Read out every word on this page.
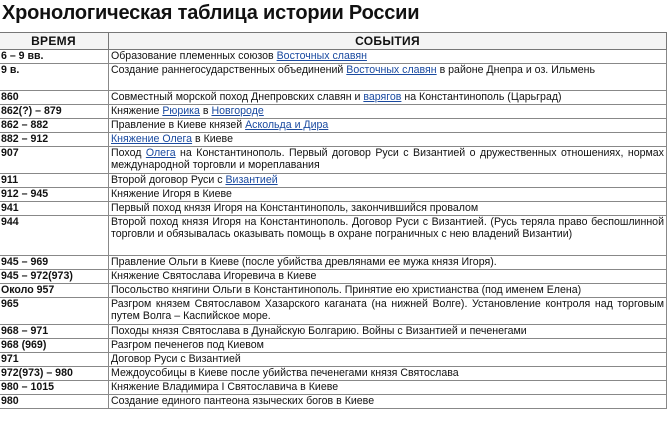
Хронологическая таблица истории России
ВРЕМЯ	СОБЫТИЯ
6 – 9 вв.	Образование племенных союзов Восточных славян
9 в.	Создание раннегосударственных объединений Восточных славян в районе Днепра и оз. Ильмень
860	Совместный морской поход Днепровских славян и варягов на Константинополь (Царьград)
862(?) – 879	Княжение Рюрика в Новгороде
862 – 882	Правление в Киеве князей Аскольда и Дира
882 – 912	Княжение Олега в Киеве
907	Поход Олега на Константинополь. Первый договор Руси с Византией о дружественных отношениях, нормах международной торговли и мореплавания
911	Второй договор Руси с Византией
912 – 945	Княжение Игоря в Киеве
941	Первый поход князя Игоря на Константинополь, закончившийся провалом
944	Второй поход князя Игоря на Константинополь. Договор Руси с Византией. (Русь теряла право беспошлинной торговли и обязывалась оказывать помощь в охране пограничных с нею владений Византии)
945 – 969	Правление Ольги в Киеве (после убийства древлянами ее мужа князя Игоря).
945 – 972(973)	Княжение Святослава Игоревича в Киеве
Около 957	Посольство княгини Ольги в Константинополь. Принятие ею христианства (под именем Елена)
965	Разгром князем Святославом Хазарского каганата (на нижней Волге). Установление контроля над торговым путем Волга – Каспийское море.
968 – 971	Походы князя Святослава в Дунайскую Болгарию. Войны с Византией и печенегами
968 (969)	Разгром печенегов под Киевом
971	Договор Руси с Византией
972(973) – 980	Междоусобицы в Киеве после убийства печенегами князя Святослава
980 – 1015	Княжение Владимира I Святославича в Киеве
980	Создание единого пантеона языческих богов в Киеве
